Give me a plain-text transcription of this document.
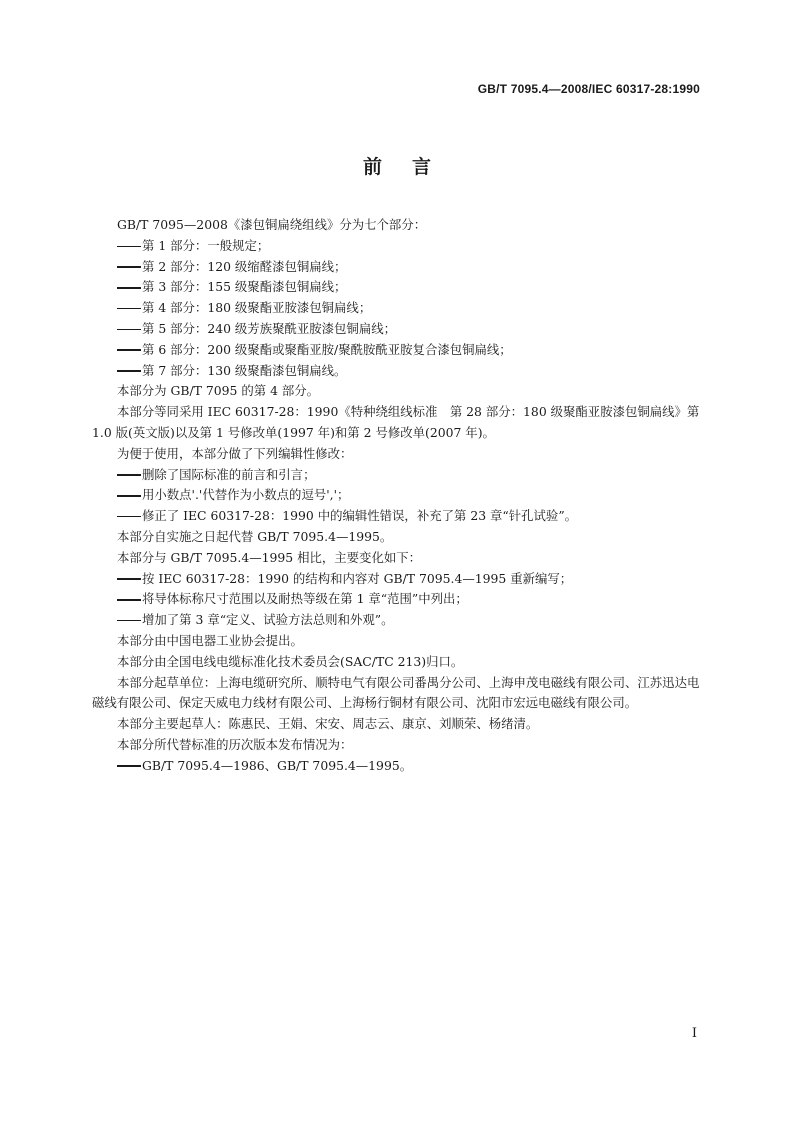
GB/T 7095.4—2008/IEC 60317-28:1990
前言

GB/T 7095—2008《漆包铜扁绕组线》分为七个部分：

第 1 部分：一般规定；

第 2 部分：120 级缩醛漆包铜扁线；

第 3 部分：155 级聚酯漆包铜扁线；

第 4 部分：180 级聚酯亚胺漆包铜扁线；

第 5 部分：240 级芳族聚酰亚胺漆包铜扁线；

第 6 部分：200 级聚酯或聚酯亚胺/聚酰胺酰亚胺复合漆包铜扁线；

第 7 部分：130 级聚酯漆包铜扁线。

本部分为 GB/T 7095 的第 4 部分。

本部分等同采用 IEC 60317-28：1990《特种绕组线标准　第 28 部分：180 级聚酯亚胺漆包铜扁线》第 1.0 版(英文版)以及第 1 号修改单(1997 年)和第 2 号修改单(2007 年)。

为便于使用，本部分做了下列编辑性修改：

删除了国际标准的前言和引言；

用小数点'.'代替作为小数点的逗号','；

修正了 IEC 60317-28：1990 中的编辑性错误，补充了第 23 章“针孔试验”。

本部分自实施之日起代替 GB/T 7095.4—1995。

本部分与 GB/T 7095.4—1995 相比，主要变化如下：

按 IEC 60317-28：1990 的结构和内容对 GB/T 7095.4—1995 重新编写；

将导体标称尺寸范围以及耐热等级在第 1 章“范围”中列出；

增加了第 3 章“定义、试验方法总则和外观”。

本部分由中国电器工业协会提出。

本部分由全国电线电缆标准化技术委员会(SAC/TC 213)归口。

本部分起草单位：上海电缆研究所、顺特电气有限公司番禺分公司、上海申茂电磁线有限公司、江苏迅达电磁线有限公司、保定天威电力线材有限公司、上海杨行铜材有限公司、沈阳市宏远电磁线有限公司。

本部分主要起草人：陈惠民、王娟、宋安、周志云、康京、刘顺荣、杨绪清。

本部分所代替标准的历次版本发布情况为：

GB/T 7095.4—1986、GB/T 7095.4—1995。

I
